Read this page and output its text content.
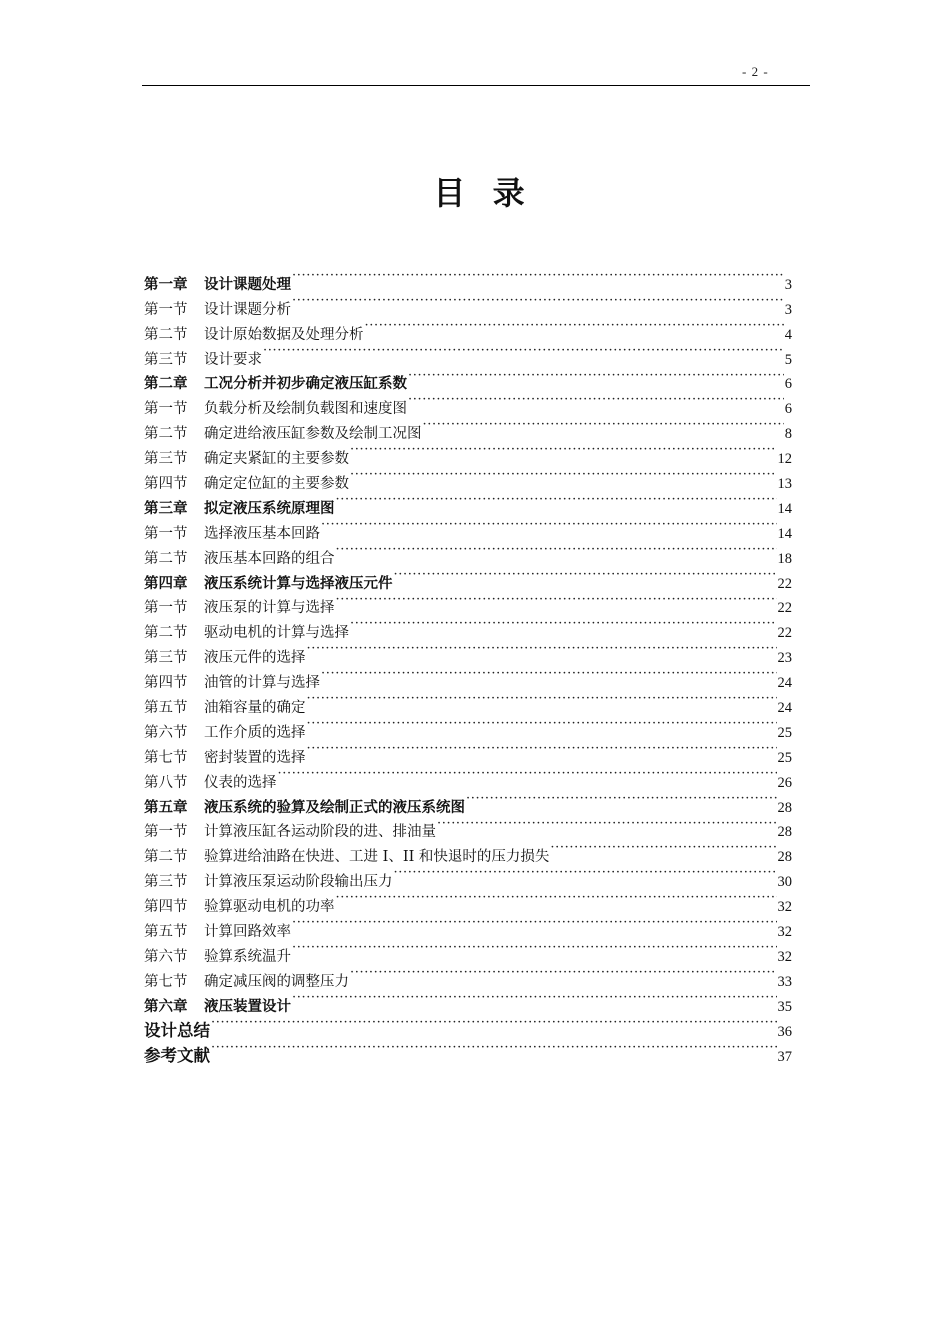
- 2 -
目 录
第一章	设计课题处理 ·····	3
第一节	设计课题分析 ·····	3
第二节	设计原始数据及处理分析 ·····	4
第三节	设计要求 ·····	5
第二章	工况分析并初步确定液压缸系数 ·····	6
第一节	负载分析及绘制负载图和速度图 ·····	6
第二节	确定进给液压缸参数及绘制工况图 ·····	8
第三节	确定夹紧缸的主要参数 ·····	12
第四节	确定定位缸的主要参数 ·····	13
第三章	拟定液压系统原理图 ·····	14
第一节	选择液压基本回路 ·····	14
第二节	液压基本回路的组合 ·····	18
第四章	液压系统计算与选择液压元件 ·····	22
第一节	液压泵的计算与选择 ·····	22
第二节	驱动电机的计算与选择 ·····	22
第三节	液压元件的选择 ·····	23
第四节	油管的计算与选择 ·····	24
第五节	油箱容量的确定 ·····	24
第六节	工作介质的选择 ·····	25
第七节	密封装置的选择 ·····	25
第八节	仪表的选择 ·····	26
第五章	液压系统的验算及绘制正式的液压系统图 ·····	28
第一节	计算液压缸各运动阶段的进、排油量 ·····	28
第二节	验算进给油路在快进、工进 I、II 和快退时的压力损失 ·····	28
第三节	计算液压泵运动阶段输出压力 ·····	30
第四节	验算驱动电机的功率 ·····	32
第五节	计算回路效率 ·····	32
第六节	验算系统温升 ·····	32
第七节	确定减压阀的调整压力 ·····	33
第六章	液压装置设计 ·····	35
设计总结 ·····	36
参考文献 ·····	37
